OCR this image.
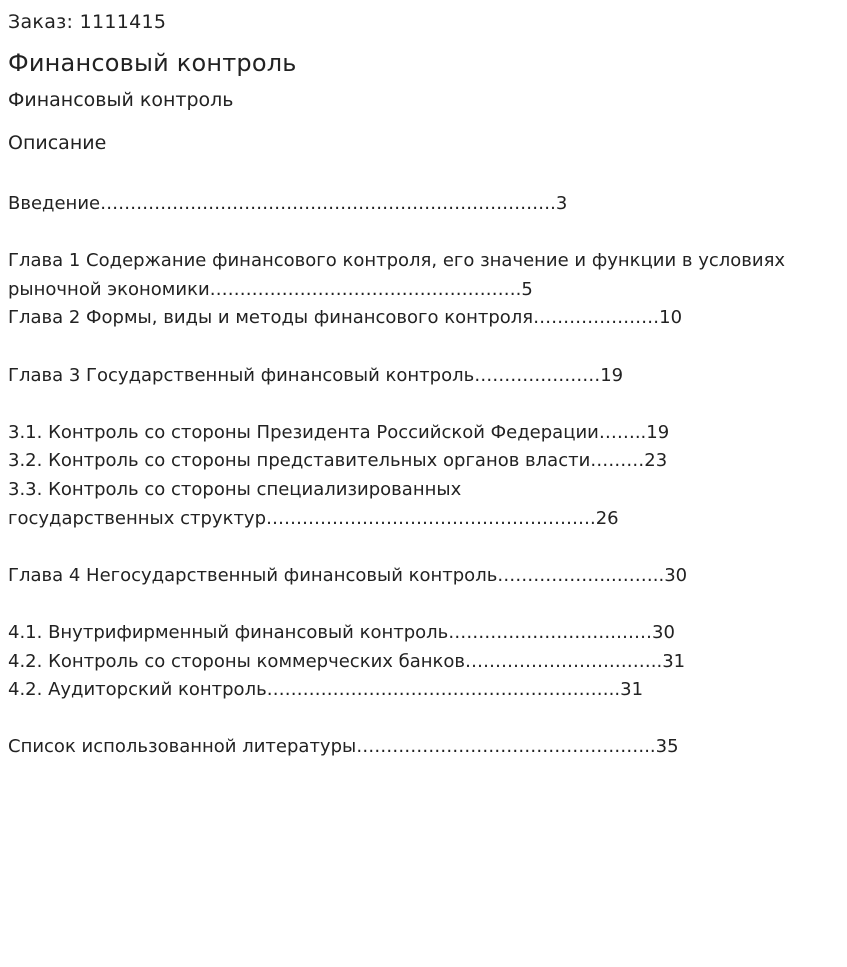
Заказ: 1111415
Финансовый контроль
Финансовый контроль
Описание
Введение………………………………………………………………….3
Глава 1 Содержание финансового контроля, его значение и функции в условиях
рыночной экономики…………………………………………….5
Глава 2 Формы, виды и методы финансового контроля…………………10
Глава 3 Государственный финансовый контроль…………………19
3.1. Контроль со стороны Президента Российской Федерации……..19
3.2. Контроль со стороны представительных органов власти………23
3.3. Контроль со стороны специализированных
государственных структур……………………………………………….26
Глава 4 Негосударственный финансовый контроль………………..……..30
4.1. Внутрифирменный финансовый контроль……………………….……30
4.2. Контроль со стороны коммерческих банков…………………….……..31
4.2. Аудиторский контроль…………………………………………………..31
Список использованной литературы…………………………………………..35
